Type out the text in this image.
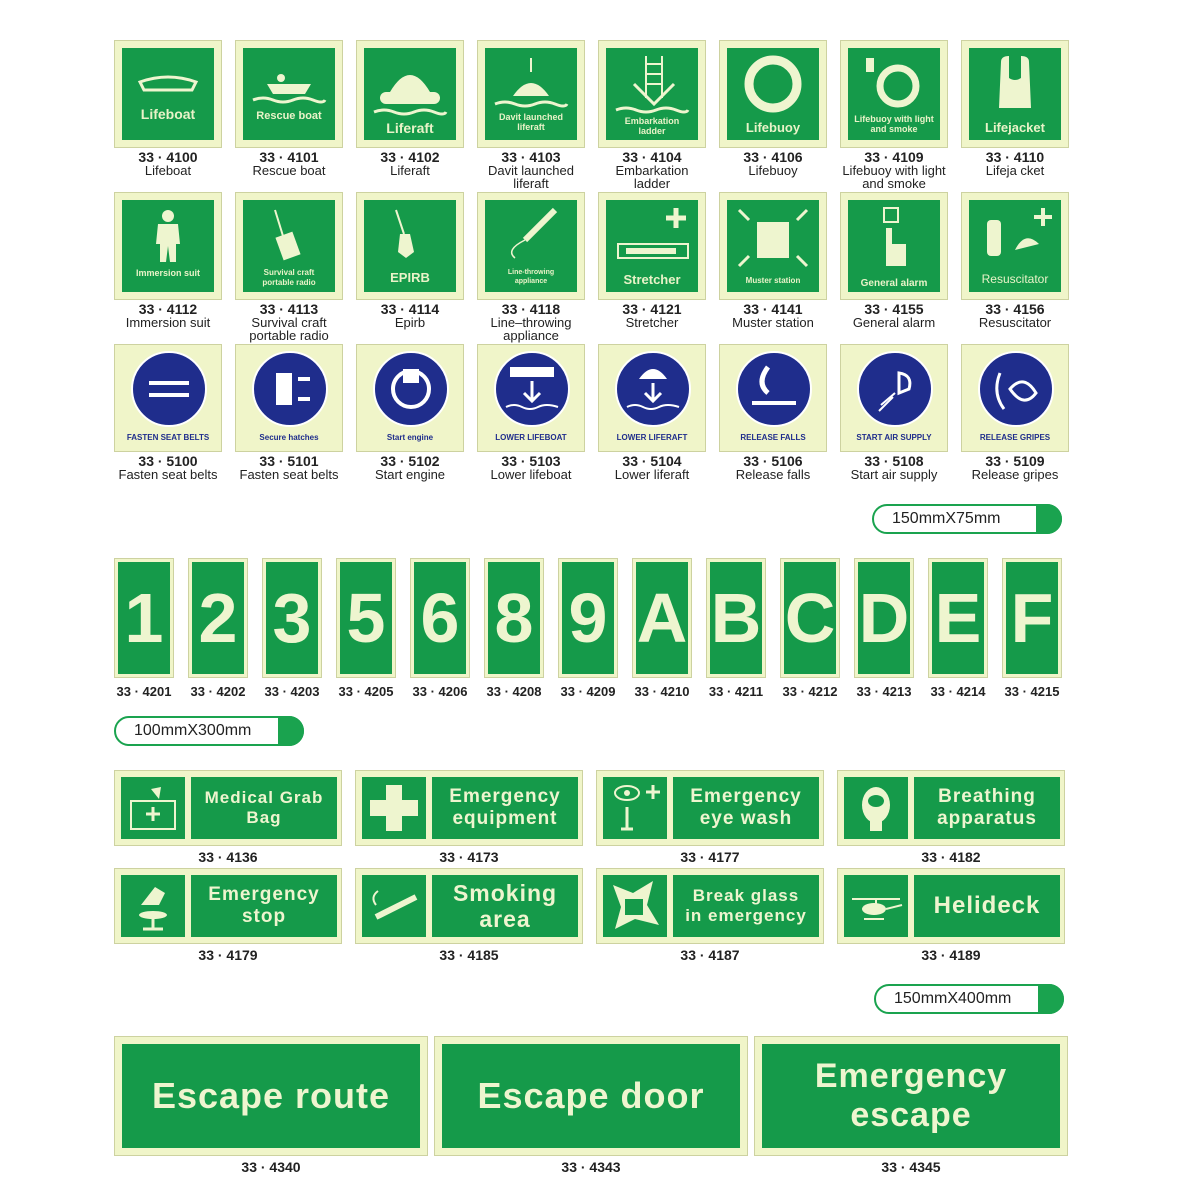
Lifeboat
33 · 4100
Lifeboat
Rescue boat
33 · 4101
Rescue boat
Liferaft
33 · 4102
Liferaft
Davit launched liferaft
33 · 4103
Davit launched liferaft
Embarkation ladder
33 · 4104
Embarkation ladder
Lifebuoy
33 · 4106
Lifebuoy
Lifebuoy with light and smoke
33 · 4109
Lifebuoy with light and smoke
Lifejacket
33 · 4110
Lifeja cket
Immersion suit
33 · 4112
Immersion suit
Survival craft portable radio
33 · 4113
Survival craft portable radio
EPIRB
33 · 4114
Epirb
Line-throwing appliance
33 · 4118
Line–throwing appliance
Stretcher
33 · 4121
Stretcher
Muster station
33 · 4141
Muster station
General alarm
33 · 4155
General alarm
Resuscitator
33 · 4156
Resuscitator
FASTEN SEAT BELTS
33 · 5100
Fasten seat belts
Secure hatches
33 · 5101
Fasten seat belts
Start engine
33 · 5102
Start engine
LOWER LIFEBOAT
33 · 5103
Lower lifeboat
LOWER LIFERAFT
33 · 5104
Lower liferaft
RELEASE FALLS
33 · 5106
Release falls
START AIR SUPPLY
33 · 5108
Start air supply
RELEASE GRIPES
33 · 5109
Release gripes
150mmX75mm
1
33 · 4201
2
33 · 4202
3
33 · 4203
5
33 · 4205
6
33 · 4206
8
33 · 4208
9
33 · 4209
A
33 · 4210
B
33 · 4211
C
33 · 4212
D
33 · 4213
E
33 · 4214
F
33 · 4215
100mmX300mm
Medical Grab
Bag
33 · 4136
Emergency
equipment
33 · 4173
Emergency
eye wash
33 · 4177
Breathing
apparatus
33 · 4182
Emergency
stop
33 · 4179
Smoking
area
33 · 4185
Break glass
in emergency
33 · 4187
Helideck
33 · 4189
150mmX400mm
Escape route
33 · 4340
Escape door
33 · 4343
Emergency
escape
33 · 4345
